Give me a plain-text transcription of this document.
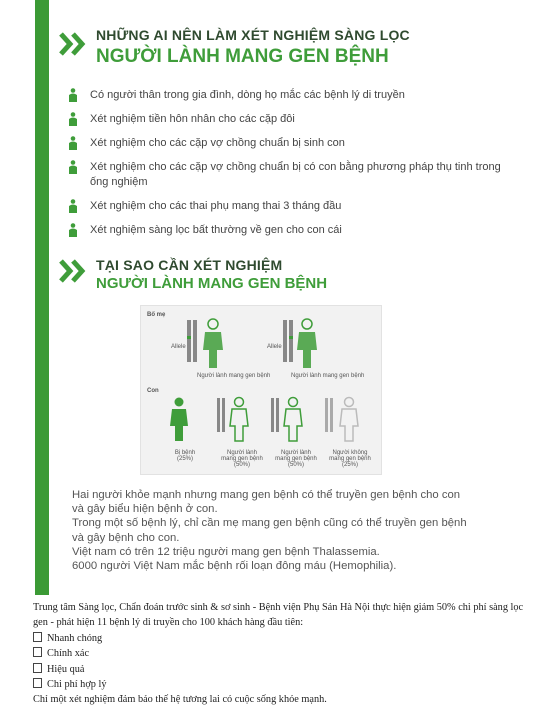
NHỮNG AI NÊN LÀM XÉT NGHIỆM SÀNG LỌC
NGƯỜI LÀNH MANG GEN BỆNH
Có người thân trong gia đình, dòng họ mắc các bệnh lý di truyền
Xét nghiệm tiền hôn nhân cho các cặp đôi
Xét nghiệm cho các cặp vợ chồng chuẩn bị sinh con
Xét nghiệm cho các cặp vợ chồng chuẩn bị có con bằng phương pháp thụ tinh trong ống nghiệm
Xét nghiệm cho các thai phụ mang thai 3 tháng đầu
Xét nghiệm sàng lọc bất thường về gen cho con cái
TẠI SAO CẦN XÉT NGHIỆM
NGƯỜI LÀNH MANG GEN BỆNH
Bố mẹ
Con
Allele	Allele
Người lành mang gen bệnh	Người lành mang gen bệnh
Bị bệnh (25%)
Người lành mang gen bệnh (50%)
Người lành mang gen bệnh (50%)
Người không mang gen bệnh (25%)

Hai người khỏe mạnh nhưng mang gen bệnh có thể truyền gen bệnh cho con và gây biểu hiện bệnh ở con.

Trong một số bệnh lý, chỉ cần mẹ mang gen bệnh cũng có thể truyền gen bệnh và gây bệnh cho con.

Việt nam có trên 12 triệu người mang gen bệnh Thalassemia.

6000 người Việt Nam mắc bệnh rối loạn đông máu (Hemophilia).

Trung tâm Sàng lọc, Chẩn đoán trước sinh & sơ sinh - Bệnh viện Phụ Sản Hà Nội thực hiện giảm 50% chi phí sàng lọc gen - phát hiện 11 bệnh lý di truyền cho 100 khách hàng đầu tiên:

Nhanh chóng

Chính xác

Hiệu quả

Chi phí hợp lý

Chỉ một xét nghiệm đảm bảo thế hệ tương lai có cuộc sống khỏe mạnh.
